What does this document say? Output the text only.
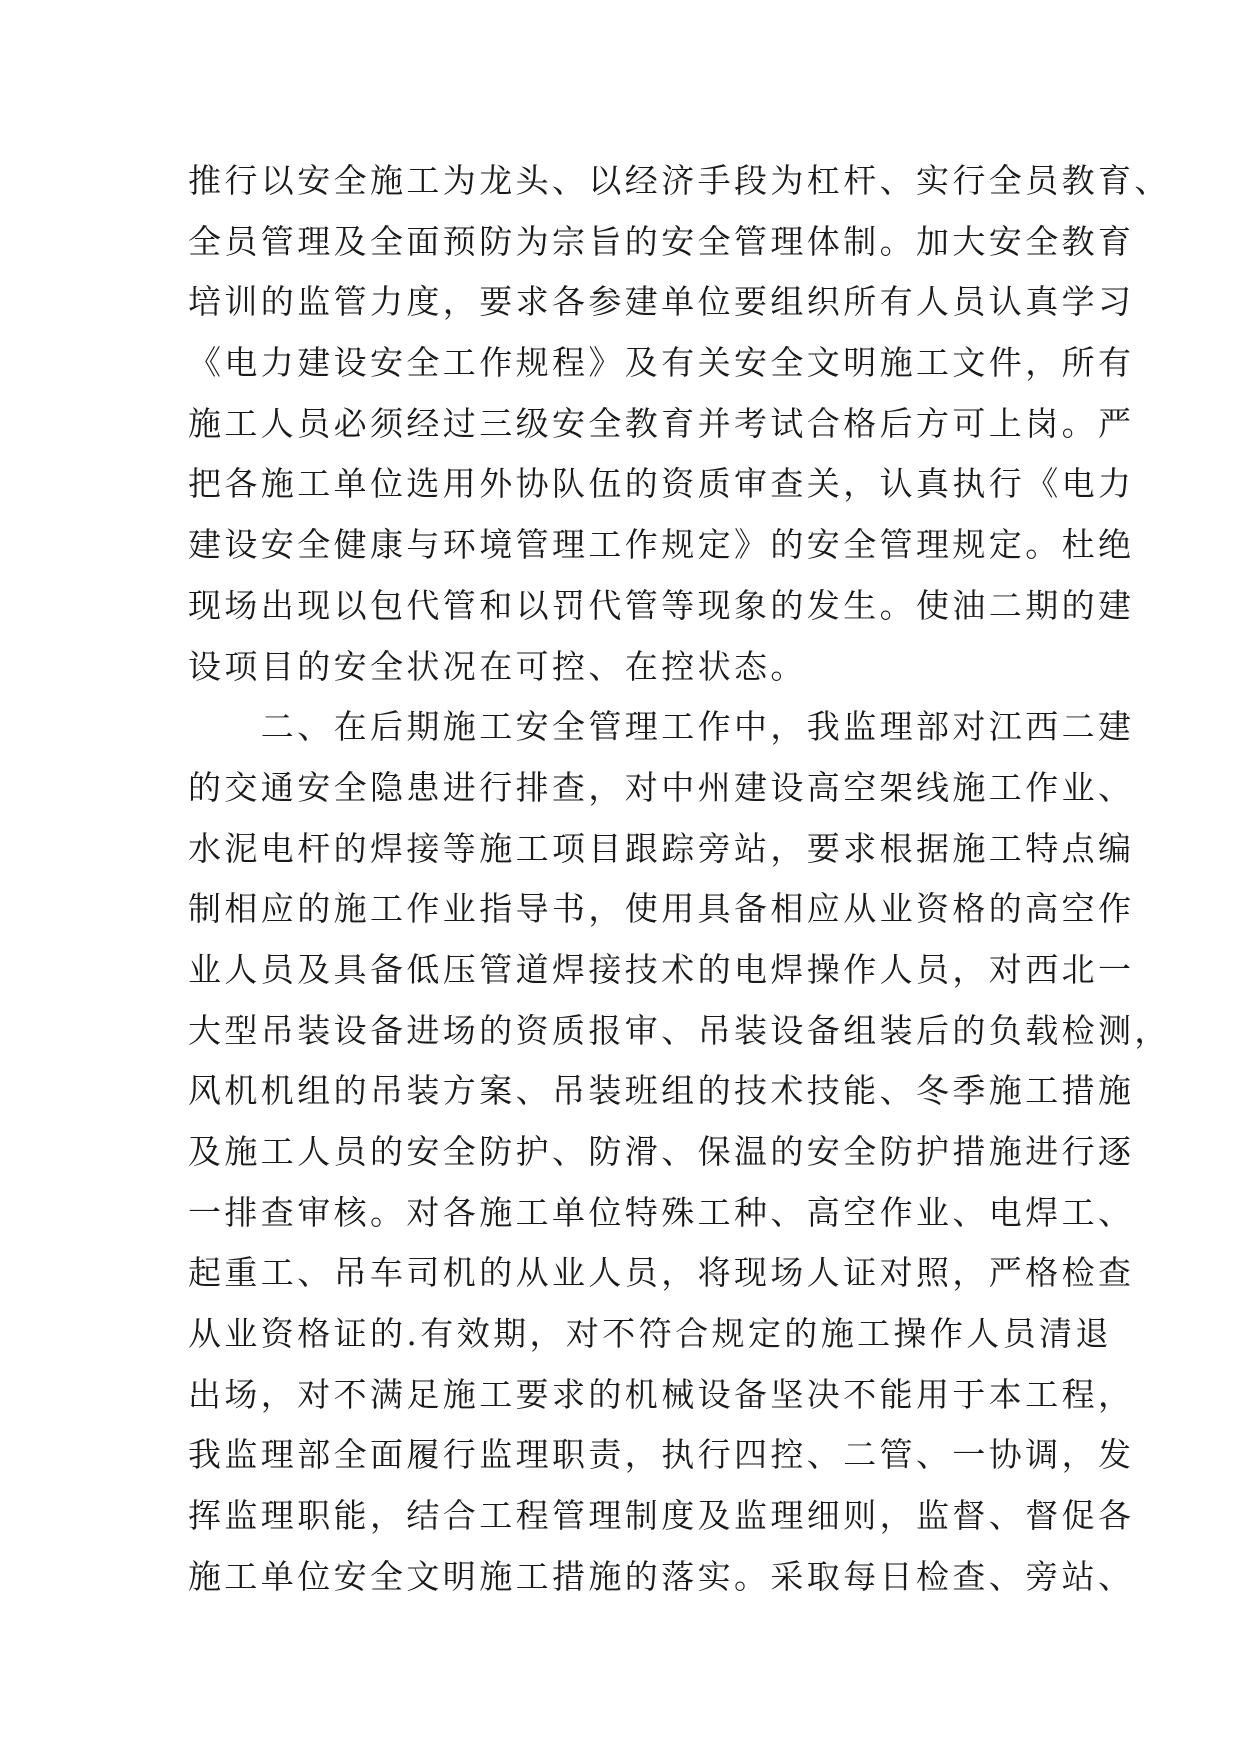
推行以安全施工为龙头、以经济手段为杠杆、实行全员教育、
全员管理及全面预防为宗旨的安全管理体制。加大安全教育
培训的监管力度，要求各参建单位要组织所有人员认真学习
《电力建设安全工作规程》及有关安全文明施工文件，所有
施工人员必须经过三级安全教育并考试合格后方可上岗。严
把各施工单位选用外协队伍的资质审查关，认真执行《电力
建设安全健康与环境管理工作规定》的安全管理规定。杜绝
现场出现以包代管和以罚代管等现象的发生。使油二期的建
设项目的安全状况在可控、在控状态。
　　二、在后期施工安全管理工作中，我监理部对江西二建
的交通安全隐患进行排查，对中州建设高空架线施工作业、
水泥电杆的焊接等施工项目跟踪旁站，要求根据施工特点编
制相应的施工作业指导书，使用具备相应从业资格的高空作
业人员及具备低压管道焊接技术的电焊操作人员，对西北一
大型吊装设备进场的资质报审、吊装设备组装后的负载检测，
风机机组的吊装方案、吊装班组的技术技能、冬季施工措施
及施工人员的安全防护、防滑、保温的安全防护措施进行逐
一排查审核。对各施工单位特殊工种、高空作业、电焊工、
起重工、吊车司机的从业人员，将现场人证对照，严格检查
从业资格证的.有效期，对不符合规定的施工操作人员清退
出场，对不满足施工要求的机械设备坚决不能用于本工程，
我监理部全面履行监理职责，执行四控、二管、一协调，发
挥监理职能，结合工程管理制度及监理细则，监督、督促各
施工单位安全文明施工措施的落实。采取每日检查、旁站、
